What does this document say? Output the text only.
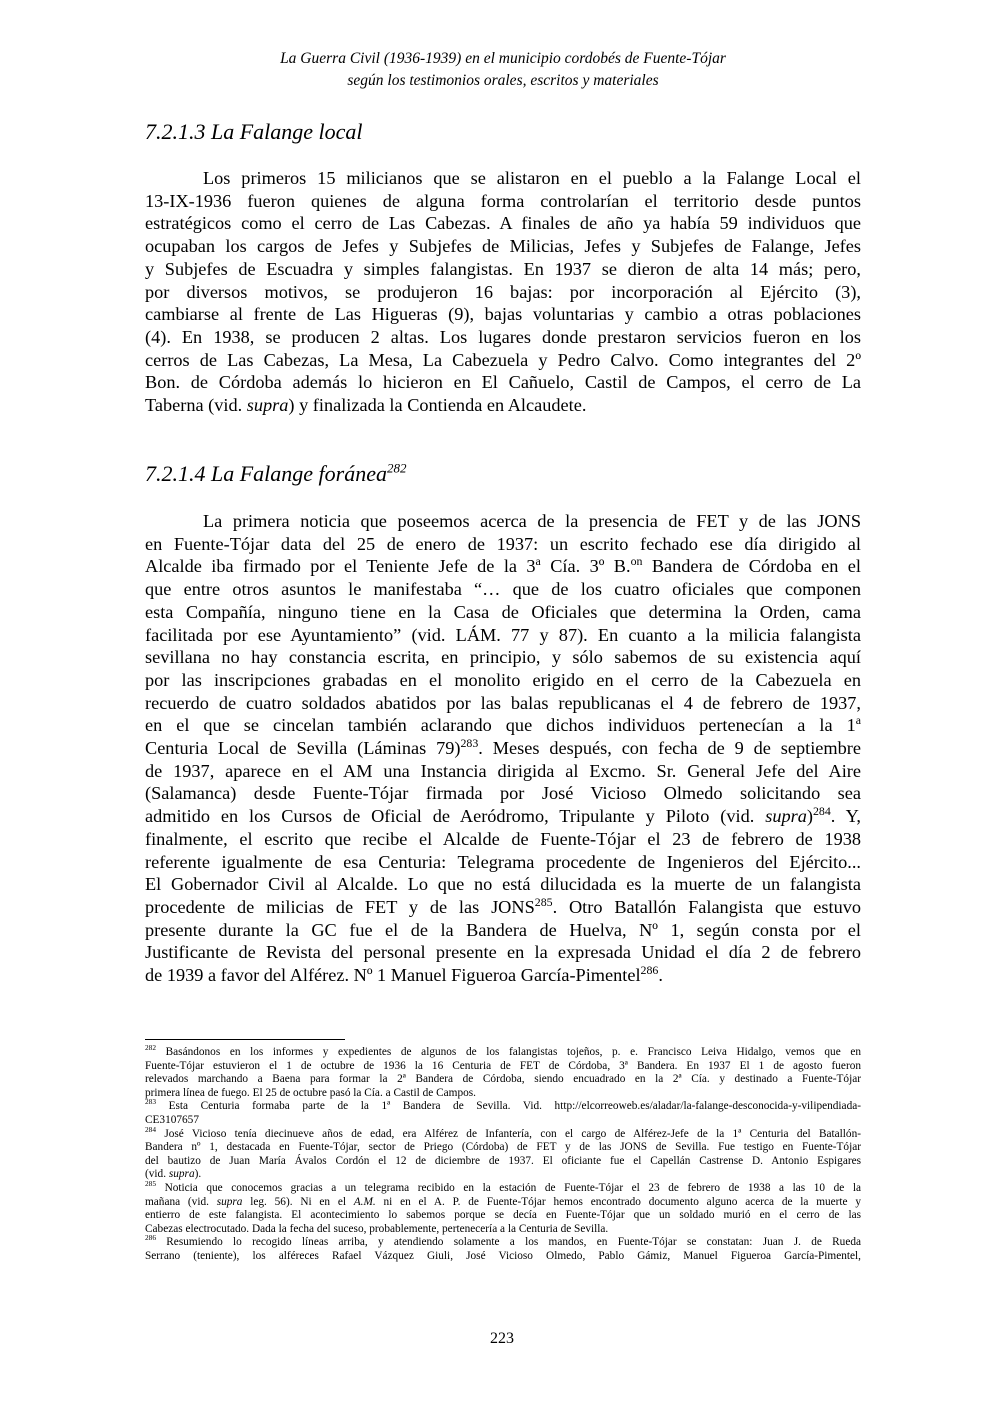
La Guerra Civil (1936-1939) en el municipio cordobés de Fuente-Tójar
según los testimonios orales, escritos y materiales
7.2.1.3 La Falange local
Los primeros 15 milicianos que se alistaron en el pueblo a la Falange Local el
13-IX-1936 fueron quienes de alguna forma controlarían el territorio desde puntos
estratégicos como el cerro de Las Cabezas. A finales de año ya había 59 individuos que
ocupaban los cargos de Jefes y Subjefes de Milicias, Jefes y Subjefes de Falange, Jefes
y Subjefes de Escuadra y simples falangistas. En 1937 se dieron de alta 14 más; pero,
por diversos motivos, se produjeron 16 bajas: por incorporación al Ejército (3),
cambiarse al frente de Las Higueras (9), bajas voluntarias y cambio a otras poblaciones
(4). En 1938, se producen 2 altas. Los lugares donde prestaron servicios fueron en los
cerros de Las Cabezas, La Mesa, La Cabezuela y Pedro Calvo. Como integrantes del 2º
Bon. de Córdoba además lo hicieron en El Cañuelo, Castil de Campos, el cerro de La
Taberna (vid. supra) y finalizada la Contienda en Alcaudete.
7.2.1.4 La Falange foránea$^{282}$
La primera noticia que poseemos acerca de la presencia de FET y de las JONS
en Fuente-Tójar data del 25 de enero de 1937: un escrito fechado ese día dirigido al
Alcalde iba firmado por el Teniente Jefe de la 3$^a$ Cía. 3º B.$^{on}$ Bandera de Córdoba en el
que entre otros asuntos le manifestaba “… que de los cuatro oficiales que componen
esta Compañía, ninguno tiene en la Casa de Oficiales que determina la Orden, cama
facilitada por ese Ayuntamiento” (vid. LÁM. 77 y 87). En cuanto a la milicia falangista
sevillana no hay constancia escrita, en principio, y sólo sabemos de su existencia aquí
por las inscripciones grabadas en el monolito erigido en el cerro de la Cabezuela en
recuerdo de cuatro soldados abatidos por las balas republicanas el 4 de febrero de 1937,
en el que se cincelan también aclarando que dichos individuos pertenecían a la 1$^a$
Centuria Local de Sevilla (Láminas 79)$^{283}$. Meses después, con fecha de 9 de septiembre
de 1937, aparece en el AM una Instancia dirigida al Excmo. Sr. General Jefe del Aire
(Salamanca) desde Fuente-Tójar firmada por José Vicioso Olmedo solicitando sea
admitido en los Cursos de Oficial de Aeródromo, Tripulante y Piloto (vid. supra)$^{284}$. Y,
finalmente, el escrito que recibe el Alcalde de Fuente-Tójar el 23 de febrero de 1938
referente igualmente de esa Centuria: Telegrama procedente de Ingenieros del Ejército...
El Gobernador Civil al Alcalde. Lo que no está dilucidada es la muerte de un falangista
procedente de milicias de FET y de las JONS$^{285}$. Otro Batallón Falangista que estuvo
presente durante la GC fue el de la Bandera de Huelva, Nº 1, según consta por el
Justificante de Revista del personal presente en la expresada Unidad el día 2 de febrero
de 1939 a favor del Alférez. Nº 1 Manuel Figueroa García-Pimentel$^{286}$.
$^{282}$ Basándonos en los informes y expedientes de algunos de los falangistas tojeños, p. e. Francisco Leiva Hidalgo, vemos que en
Fuente-Tójar estuvieron el 1 de octubre de 1936 la 16 Centuria de FET de Córdoba, 3ª Bandera. En 1937 El 1 de agosto fueron
relevados marchando a Baena para formar la 2ª Bandera de Córdoba, siendo encuadrado en la 2ª Cía. y destinado a Fuente-Tójar
primera línea de fuego. El 25 de octubre pasó la Cía. a Castil de Campos.
$^{283}$ Esta Centuria formaba parte de la 1ª Bandera de Sevilla. Vid. http://elcorreoweb.es/aladar/la-falange-desconocida-y-vilipendiada-
CE3107657
$^{284}$ José Vicioso tenía diecinueve años de edad, era Alférez de Infantería, con el cargo de Alférez-Jefe de la 1ª Centuria del Batallón-
Bandera nº 1, destacada en Fuente-Tójar, sector de Priego (Córdoba) de FET y de las JONS de Sevilla. Fue testigo en Fuente-Tójar
del bautizo de Juan María Ávalos Cordón el 12 de diciembre de 1937. El oficiante fue el Capellán Castrense D. Antonio Espigares
(vid. supra).
$^{285}$ Noticia que conocemos gracias a un telegrama recibido en la estación de Fuente-Tójar el 23 de febrero de 1938 a las 10 de la
mañana (vid. supra leg. 56). Ni en el A.M. ni en el A. P. de Fuente-Tójar hemos encontrado documento alguno acerca de la muerte y
entierro de este falangista. El acontecimiento lo sabemos porque se decía en Fuente-Tójar que un soldado murió en el cerro de las
Cabezas electrocutado. Dada la fecha del suceso, probablemente, pertenecería a la Centuria de Sevilla.
$^{286}$ Resumiendo lo recogido líneas arriba, y atendiendo solamente a los mandos, en Fuente-Tójar se constatan: Juan J. de Rueda
Serrano (teniente), los alféreces Rafael Vázquez Giuli, José Vicioso Olmedo, Pablo Gámiz, Manuel Figueroa García-Pimentel,
223
